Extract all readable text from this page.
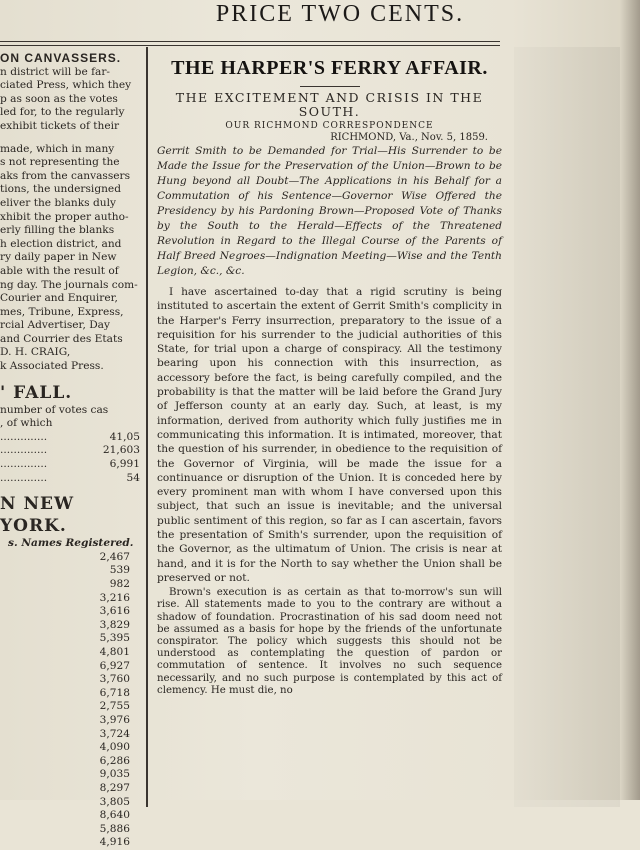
PRICE TWO CENTS.
ON CANVASSERS.
n district will be far-
ciated Press, which they
p as soon as the votes
led for, to the regularly
exhibit tickets of their
made, which in many
s not representing the
aks from the canvassers
tions, the undersigned
eliver the blanks duly
xhibit the proper autho-
erly filling the blanks
h election district, and
ry daily paper in New
able with the result of
ng day. The journals com-
Courier and Enquirer,
mes, Tribune, Express,
rcial Advertiser, Day
and Courrier des Etats
D. H. CRAIG,
k Associated Press.
' FALL.
number of votes cas
, of which
..............	41,05
..............	21,603
..............	6,991
..............	54
N NEW YORK.
s. Names Registered.
2,467
539
982
3,216
3,616
3,829
5,395
4,801
6,927
3,760
6,718
2,755
3,976
3,724
4,090
6,286
9,035
8,297
3,805
8,640
5,886
4,916
THE HARPER'S FERRY AFFAIR.
THE EXCITEMENT AND CRISIS IN THE
SOUTH.
OUR RICHMOND CORRESPONDENCE
RICHMOND, Va., Nov. 5, 1859.
Gerrit Smith to be Demanded for Trial—His Surrender to be Made the Issue for the Preservation of the Union—Brown to be Hung beyond all Doubt—The Applications in his Behalf for a Commutation of his Sentence—Governor Wise Offered the Presidency by his Pardoning Brown—Proposed Vote of Thanks by the South to the Herald—Effects of the Threatened Revolution in Regard to the Illegal Course of the Parents of Half Breed Negroes—Indignation Meeting—Wise and the Tenth Legion, &c., &c.

I have ascertained to-day that a rigid scrutiny is being instituted to ascertain the extent of Gerrit Smith's complicity in the Harper's Ferry insurrection, preparatory to the issue of a requisition for his surrender to the judicial authorities of this State, for trial upon a charge of conspiracy. All the testimony bearing upon his connection with this insurrection, as accessory before the fact, is being carefully compiled, and the probability is that the matter will be laid before the Grand Jury of Jefferson county at an early day. Such, at least, is my information, derived from authority which fully justifies me in communicating this information. It is intimated, moreover, that the question of his surrender, in obedience to the requisition of the Governor of Virginia, will be made the issue for a continuance or disruption of the Union. It is conceded here by every prominent man with whom I have conversed upon this subject, that such an issue is inevitable; and the universal public sentiment of this region, so far as I can ascertain, favors the presentation of Smith's surrender, upon the requisition of the Governor, as the ultimatum of Union. The crisis is near at hand, and it is for the North to say whether the Union shall be preserved or not.

Brown's execution is as certain as that to-morrow's sun will rise. All statements made to you to the contrary are without a shadow of foundation. Procrastination of his sad doom need not be assumed as a basis for hope by the friends of the unfortunate conspirator. The policy which suggests this should not be understood as contemplating the question of pardon or commutation of sentence. It involves no such sequence necessarily, and no such purpose is contemplated by this act of clemency. He must die, no
